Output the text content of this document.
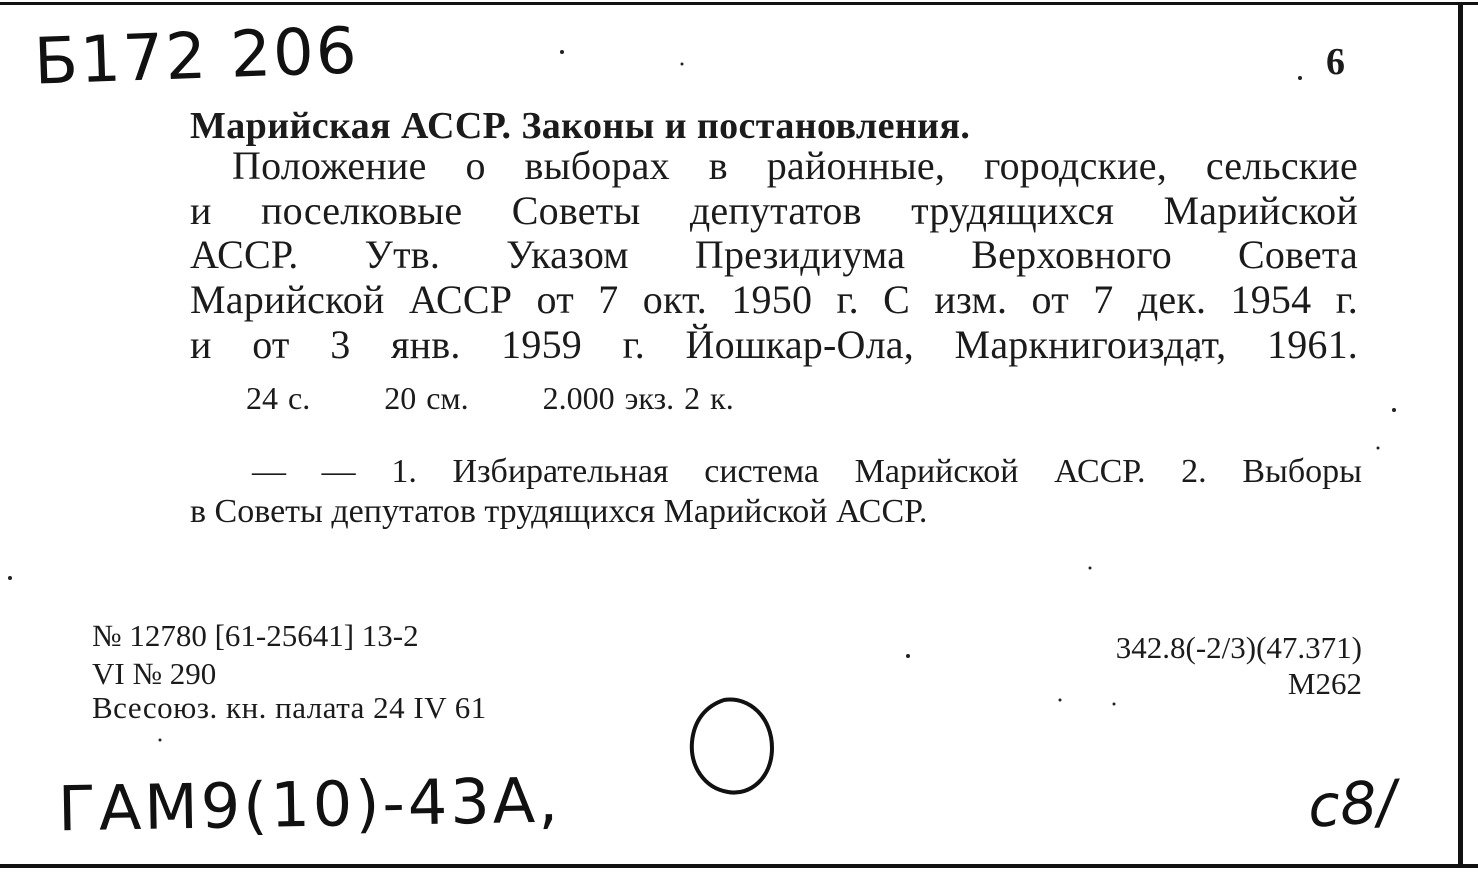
Б172 206	6
Марийская АССР. Законы и постановления.
Положение о выборах в районные, городские, сельские
и поселковые Советы депутатов трудящихся Марийской
АССР. Утв. Указом Президиума Верховного Совета
Марийской АССР от 7 окт. 1950 г. С изм. от 7 дек. 1954 г.
и от 3 янв. 1959 г. Йошкар-Ола, Маркнигоиздат, 1961.
24 с. 20 см. 2.000 экз. 2 к.
— — 1. Избирательная система Марийской АССР. 2. Выборы
в Советы депутатов трудящихся Марийской АССР.
№ 12780 [61-25641] 13-2
VI № 290
Всесоюз. кн. палата 24 IV 61
342.8(-2/3)(47.371)
М262
ГАМ9(10)-43А,	c8/
